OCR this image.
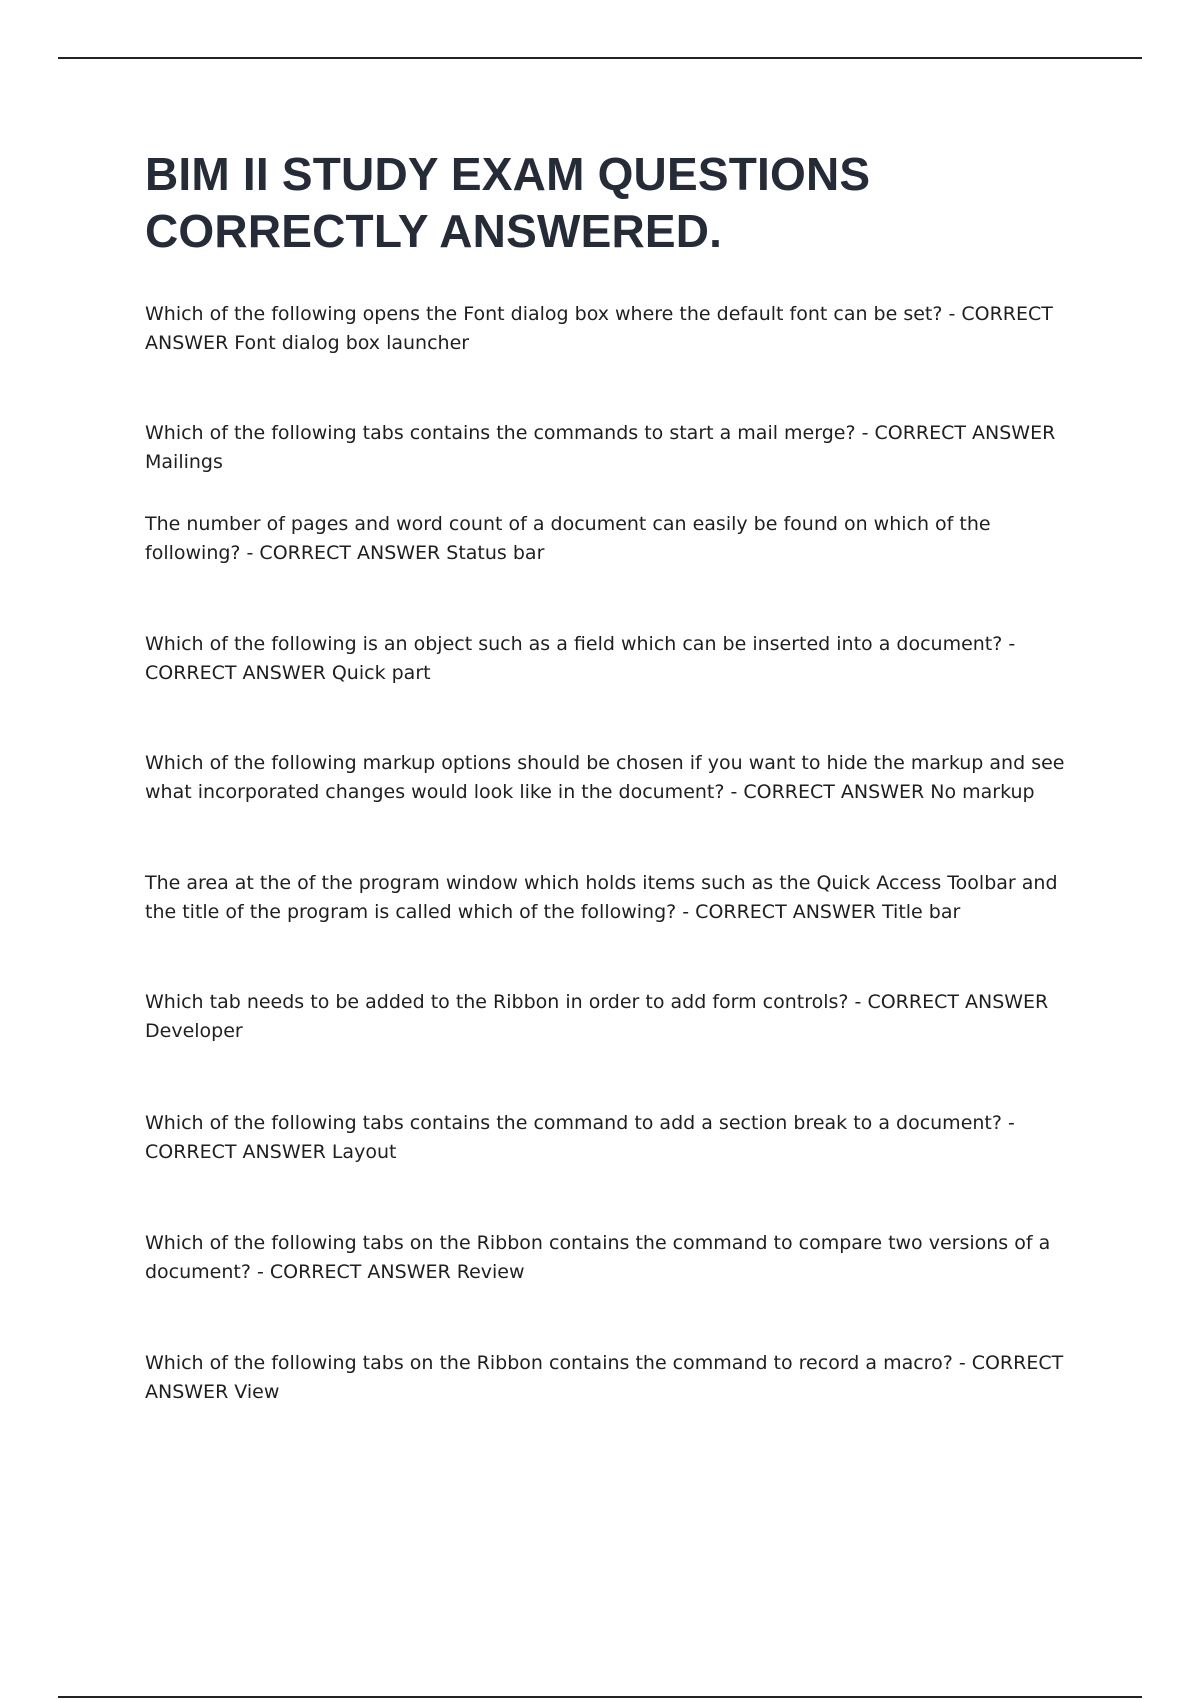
BIM II STUDY EXAM QUESTIONS CORRECTLY ANSWERED.
Which of the following opens the Font dialog box where the default font can be set? - CORRECT ANSWER Font dialog box launcher
Which of the following tabs contains the commands to start a mail merge? - CORRECT ANSWER Mailings
The number of pages and word count of a document can easily be found on which of the following? - CORRECT ANSWER Status bar
Which of the following is an object such as a field which can be inserted into a document? - CORRECT ANSWER Quick part
Which of the following markup options should be chosen if you want to hide the markup and see what incorporated changes would look like in the document? - CORRECT ANSWER No markup
The area at the of the program window which holds items such as the Quick Access Toolbar and the title of the program is called which of the following? - CORRECT ANSWER Title bar
Which tab needs to be added to the Ribbon in order to add form controls? - CORRECT ANSWER Developer
Which of the following tabs contains the command to add a section break to a document? - CORRECT ANSWER Layout
Which of the following tabs on the Ribbon contains the command to compare two versions of a document? - CORRECT ANSWER Review
Which of the following tabs on the Ribbon contains the command to record a macro? - CORRECT ANSWER View
